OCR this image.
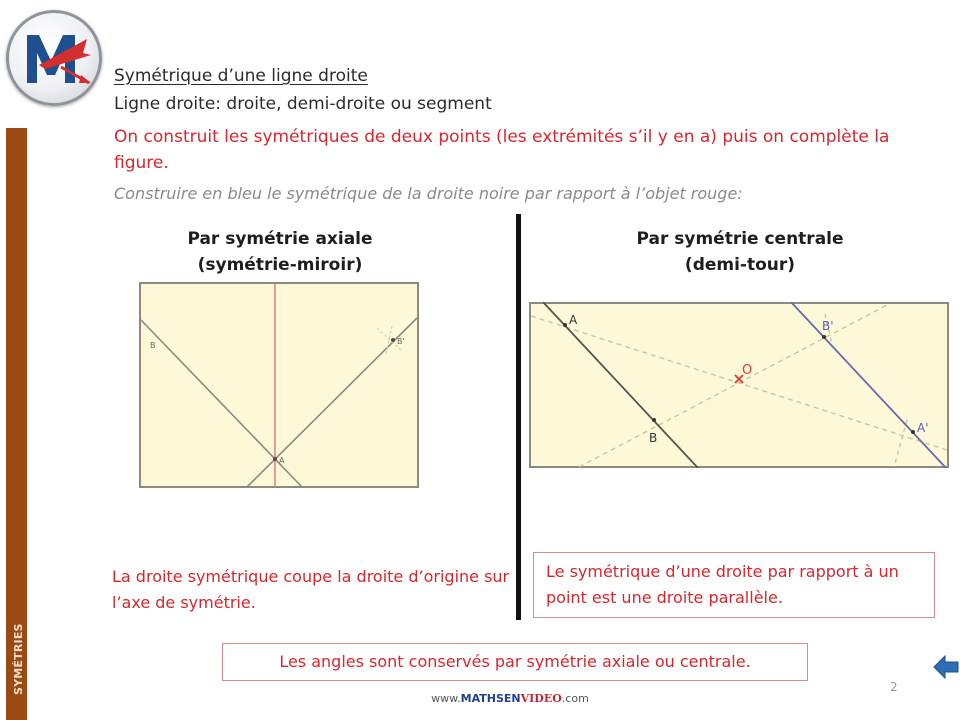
SYMÉTRIES
Symétrique d’une ligne droite
Ligne droite: droite, demi-droite ou segment
On construit les symétriques de deux points (les extrémités s’il y en a) puis on complète la figure.
Construire en bleu le symétrique de la droite noire par rapport à l’objet rouge:
Par symétrie axiale
(symétrie-miroir)
Par symétrie centrale
(demi-tour)
A
B	B'
A
B
O
B'
A'
La droite symétrique coupe la droite d’origine sur l’axe de symétrie.
Le symétrique d’une droite par rapport à un point est une droite parallèle.
Les angles sont conservés par symétrie axiale ou centrale.
www.MATHSENVIDEO.com
2
